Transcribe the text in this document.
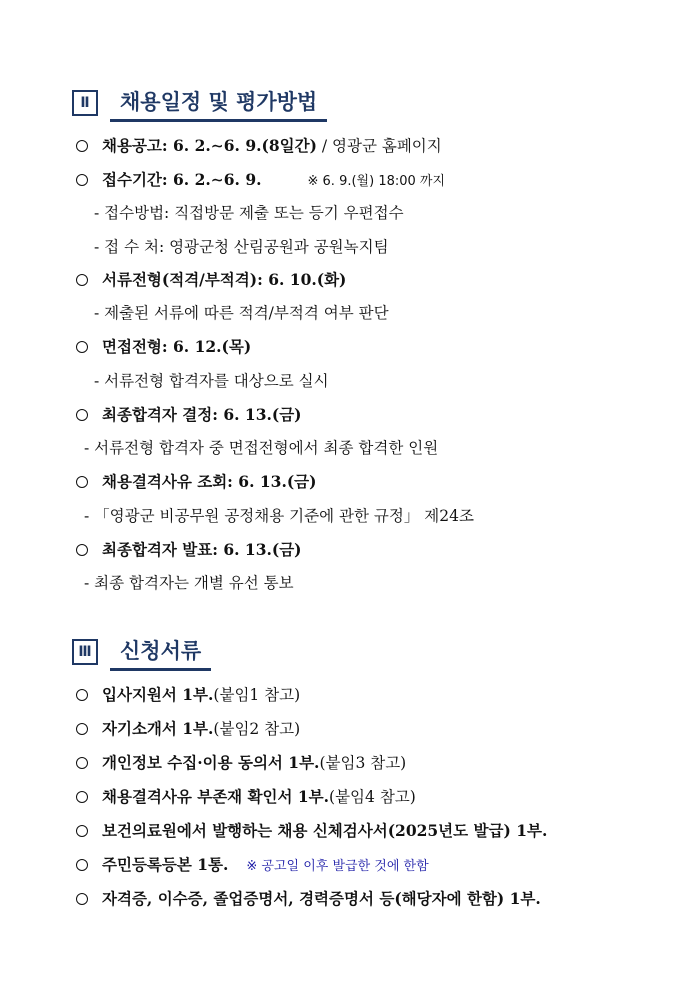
Ⅱ	채용일정 및 평가방법
채용공고: 6. 2.∼6. 9.(8일간) / 영광군 홈페이지
접수기간: 6. 2.∼6. 9.	※ 6. 9.(월) 18:00 까지
- 접수방법: 직접방문 제출 또는 등기 우편접수
- 접 수 처: 영광군청 산림공원과 공원녹지팀
서류전형(적격/부적격): 6. 10.(화)
- 제출된 서류에 따른 적격/부적격 여부 판단
면접전형: 6. 12.(목)
- 서류전형 합격자를 대상으로 실시
최종합격자 결정: 6. 13.(금)
- 서류전형 합격자 중 면접전형에서 최종 합격한 인원
채용결격사유 조회: 6. 13.(금)
- 「영광군 비공무원 공정채용 기준에 관한 규정」 제24조
최종합격자 발표: 6. 13.(금)
- 최종 합격자는 개별 유선 통보
Ⅲ	신청서류
입사지원서 1부.(붙임1 참고)
자기소개서 1부.(붙임2 참고)
개인정보 수집·이용 동의서 1부.(붙임3 참고)
채용결격사유 부존재 확인서 1부.(붙임4 참고)
보건의료원에서 발행하는 채용 신체검사서(2025년도 발급) 1부.
주민등록등본 1통. ※ 공고일 이후 발급한 것에 한함
자격증, 이수증, 졸업증명서, 경력증명서 등(해당자에 한함) 1부.
